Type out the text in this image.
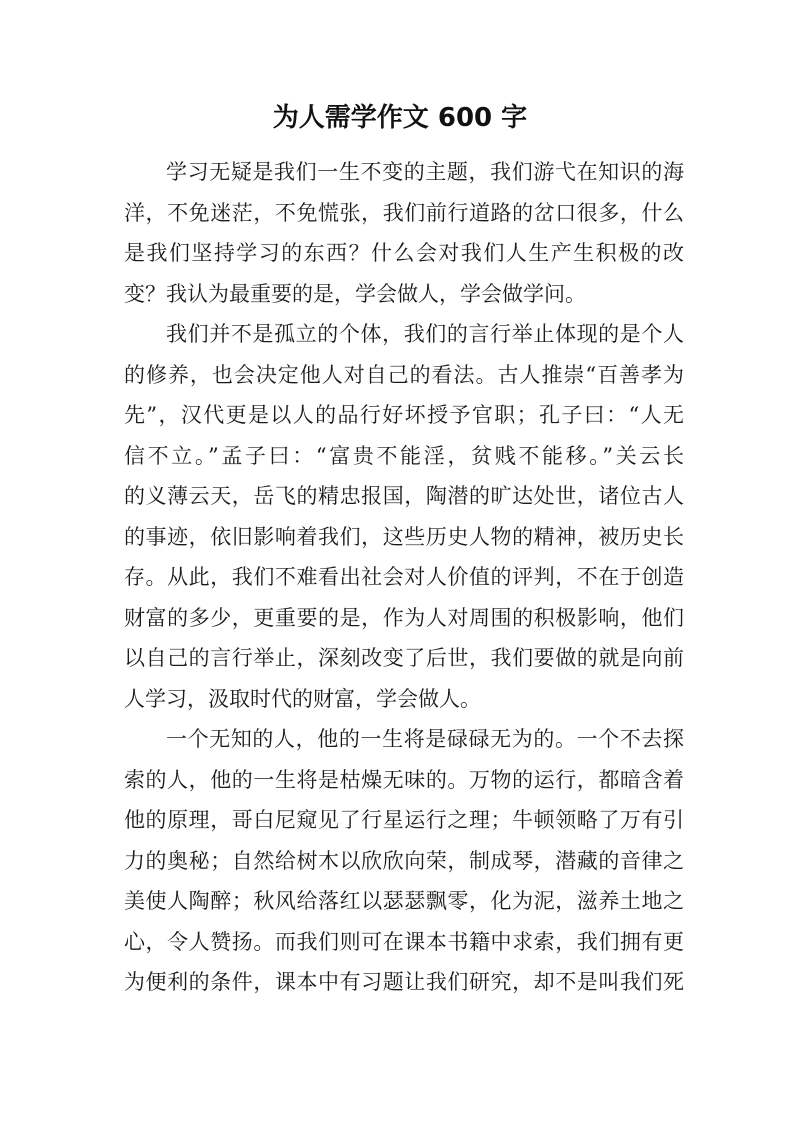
为人需学作文 600 字
学习无疑是我们一生不变的主题，我们游弋在知识的海
洋，不免迷茫，不免慌张，我们前行道路的岔口很多，什么
是我们坚持学习的东西？什么会对我们人生产生积极的改
变？我认为最重要的是，学会做人，学会做学问。
我们并不是孤立的个体，我们的言行举止体现的是个人
的修养，也会决定他人对自己的看法。古人推崇“百善孝为
先”，汉代更是以人的品行好坏授予官职；孔子曰：“人无
信不立。”孟子曰：“富贵不能淫，贫贱不能移。”关云长
的义薄云天，岳飞的精忠报国，陶潜的旷达处世，诸位古人
的事迹，依旧影响着我们，这些历史人物的精神，被历史长
存。从此，我们不难看出社会对人价值的评判，不在于创造
财富的多少，更重要的是，作为人对周围的积极影响，他们
以自己的言行举止，深刻改变了后世，我们要做的就是向前
人学习，汲取时代的财富，学会做人。
一个无知的人，他的一生将是碌碌无为的。一个不去探
索的人，他的一生将是枯燥无味的。万物的运行，都暗含着
他的原理，哥白尼窥见了行星运行之理；牛顿领略了万有引
力的奥秘；自然给树木以欣欣向荣，制成琴，潜藏的音律之
美使人陶醉；秋风给落红以瑟瑟飘零，化为泥，滋养土地之
心，令人赞扬。而我们则可在课本书籍中求索，我们拥有更
为便利的条件，课本中有习题让我们研究，却不是叫我们死
